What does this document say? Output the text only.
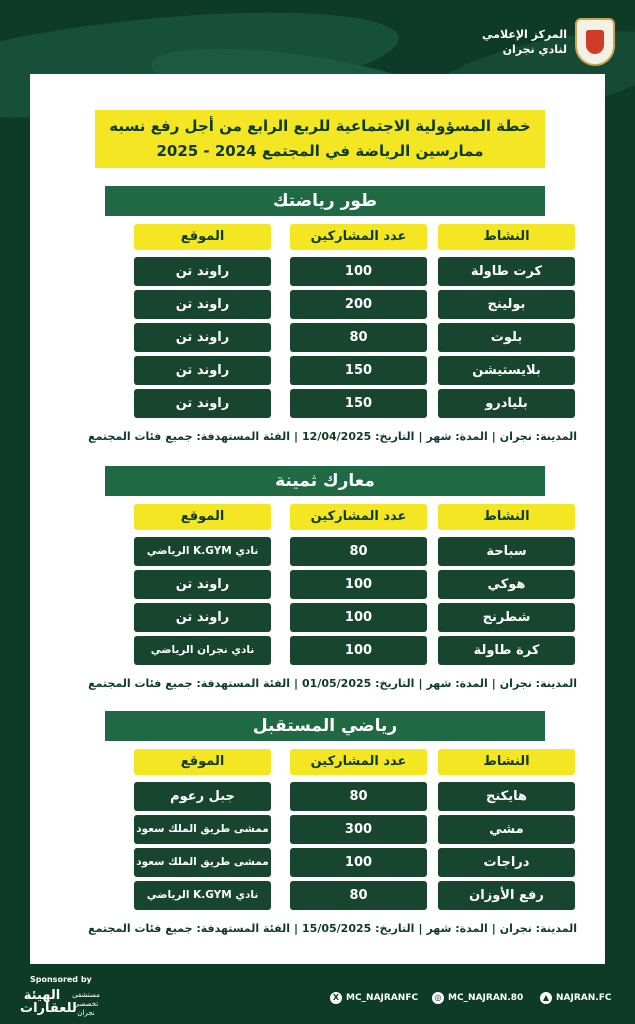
المركز الإعلامي
لنادي نجران
خطة المسؤولية الاجتماعية للربع الرابع من أجل رفع نسبه
ممارسين الرياضة في المجتمع 2024 - 2025
طور رياضتك
النشاط
عدد المشاركين
الموقع
كرت طاولة
100
راوند تن
بولينج
200
راوند تن
بلوت
80
راوند تن
بلايستيشن
150
راوند تن
بليادرو
150
راوند تن
المدينة: نجران|المدة: شهر|التاريخ: 12/04/2025|الفئة المستهدفة: جميع فئات المجتمع
معارك ثمينة
النشاط
عدد المشاركين
الموقع
سباحة
80
نادي K.GYM الرياضي
هوكي
100
راوند تن
شطرنج
100
راوند تن
كرة طاولة
100
نادي نجران الرياضي
المدينة: نجران|المدة: شهر|التاريخ: 01/05/2025|الفئة المستهدفة: جميع فئات المجتمع
رياضي المستقبل
النشاط
عدد المشاركين
الموقع
هايكنج
80
جبل رعوم
مشي
300
ممشى طريق الملك سعود
دراجات
100
ممشى طريق الملك سعود
رفع الأوزان
80
نادي K.GYM الرياضي
المدينة: نجران|المدة: شهر|التاريخ: 15/05/2025|الفئة المستهدفة: جميع فئات المجتمع
Sponsored by
الهيئة للعقارات
مستشفى تخصصي نجران
X MC_NAJRANFC	◎ MC_NAJRAN.80	▲ NAJRAN.FC
